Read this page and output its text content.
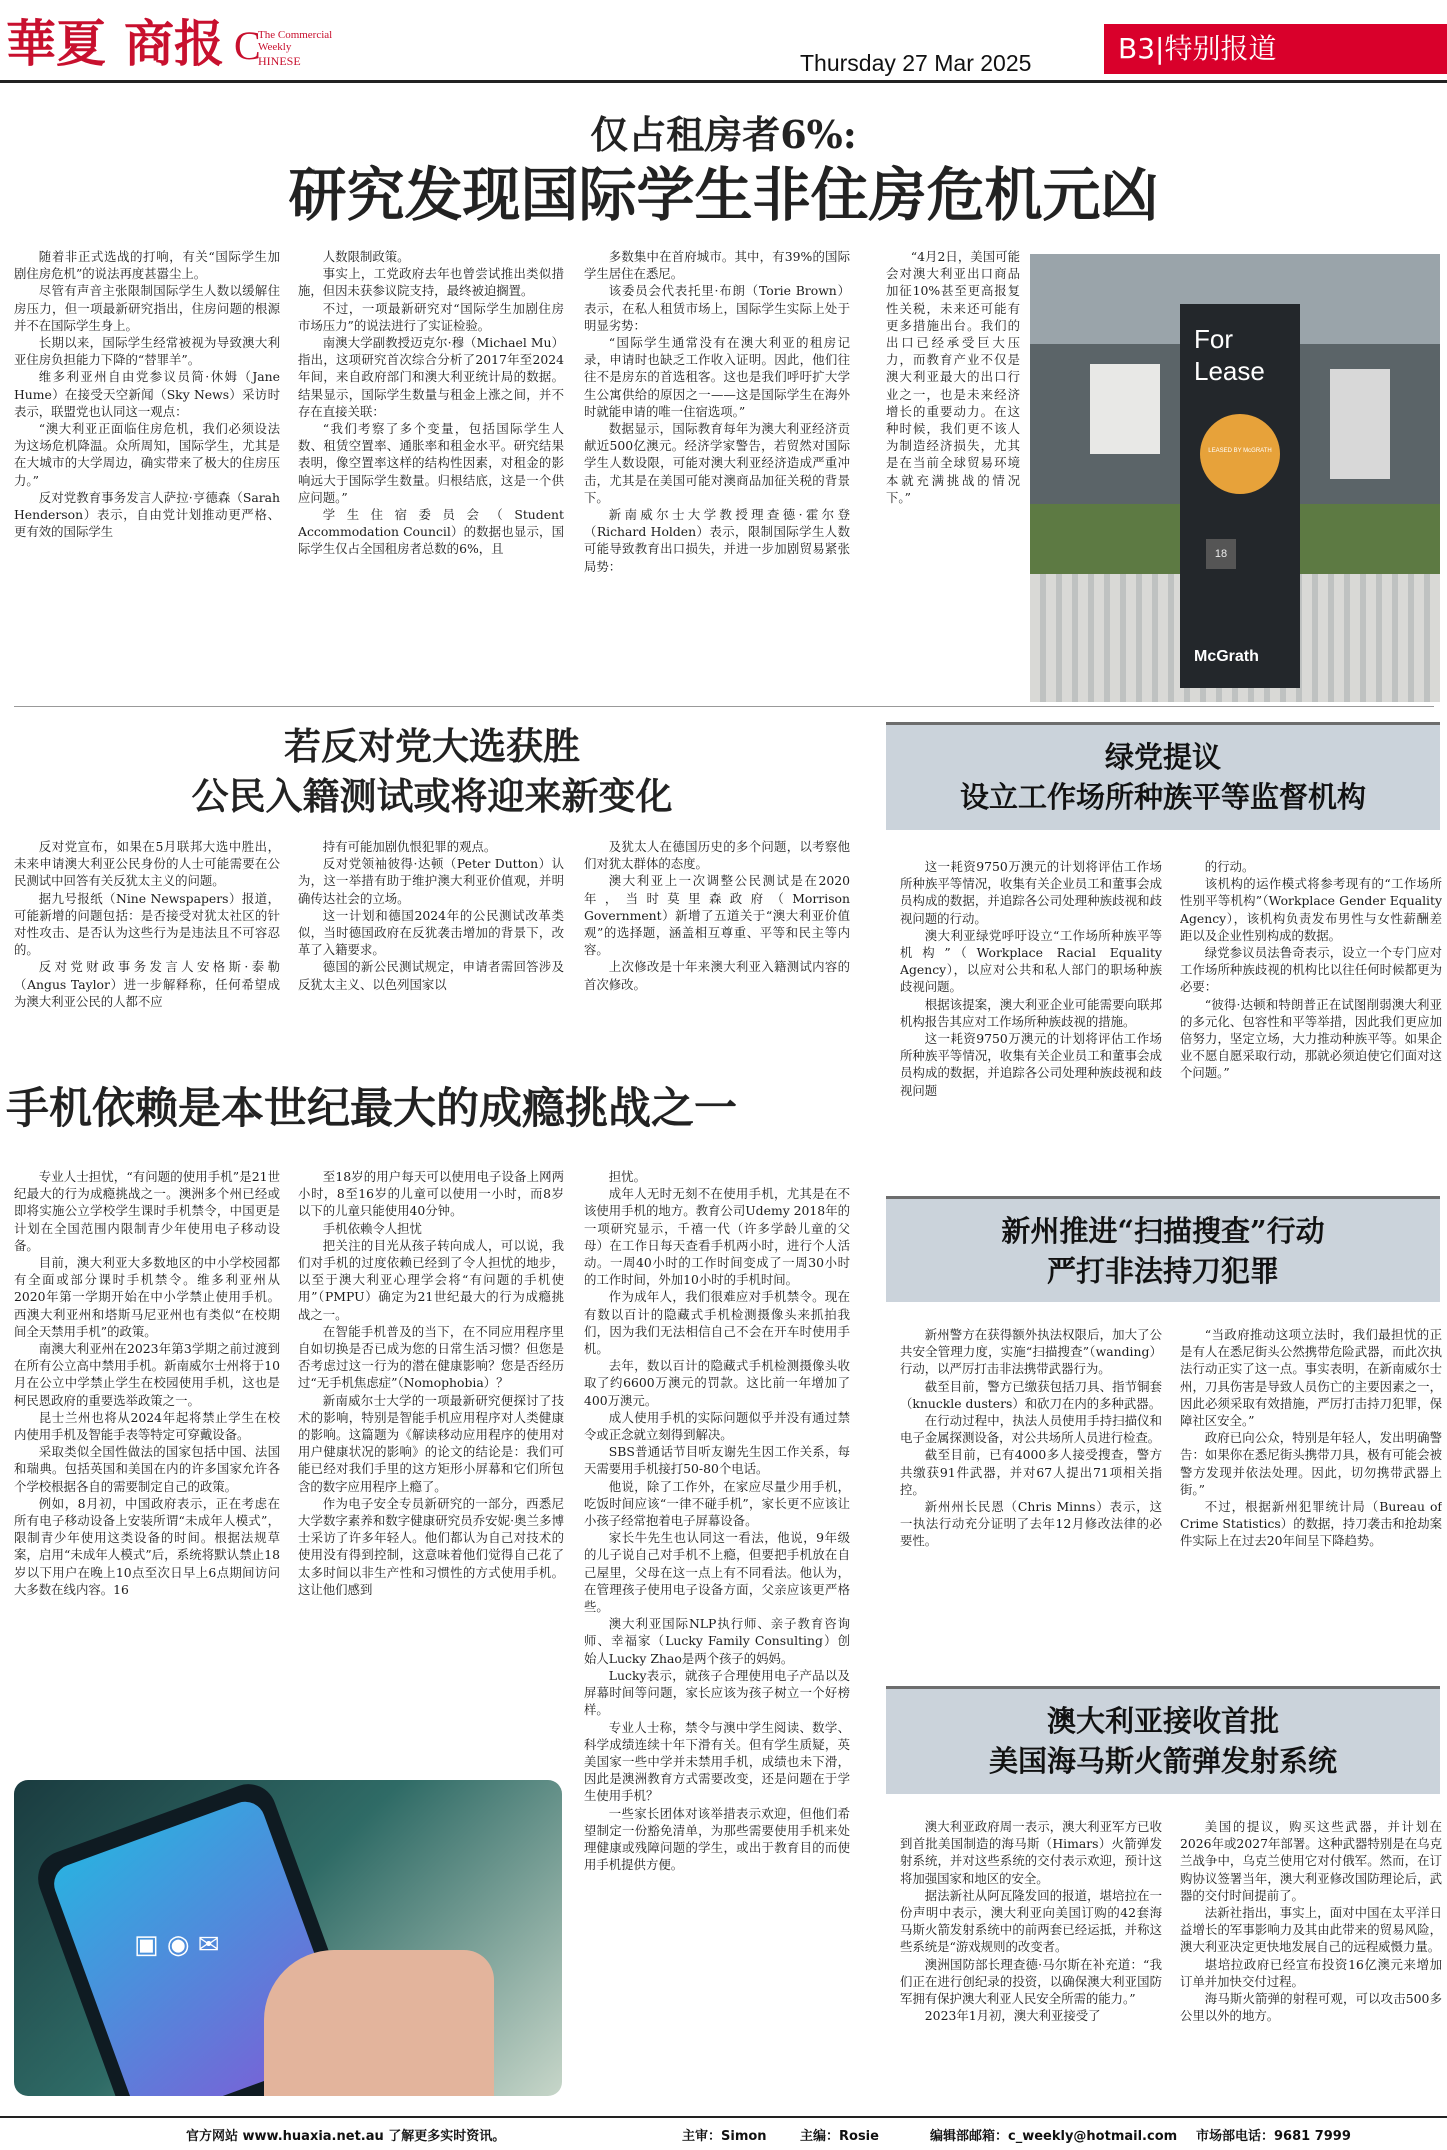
華夏 商报 C
The Commercial
Weekly
HINESE	Thursday 27 Mar 2025	B3|特别报道
仅占租房者6%:
研究发现国际学生非住房危机元凶

随着非正式选战的打响，有关“国际学生加剧住房危机”的说法再度甚嚣尘上。

尽管有声音主张限制国际学生人数以缓解住房压力，但一项最新研究指出，住房问题的根源并不在国际学生身上。

长期以来，国际学生经常被视为导致澳大利亚住房负担能力下降的“替罪羊”。

维多利亚州自由党参议员简·休姆（Jane Hume）在接受天空新闻（Sky News）采访时表示，联盟党也认同这一观点：

“澳大利亚正面临住房危机，我们必须设法为这场危机降温。众所周知，国际学生，尤其是在大城市的大学周边，确实带来了极大的住房压力。”

反对党教育事务发言人萨拉·亨德森（Sarah Henderson）表示，自由党计划推动更严格、更有效的国际学生

人数限制政策。

事实上，工党政府去年也曾尝试推出类似措施，但因未获参议院支持，最终被迫搁置。

不过，一项最新研究对“国际学生加剧住房市场压力”的说法进行了实证检验。

南澳大学副教授迈克尔·穆（Michael Mu）指出，这项研究首次综合分析了2017年至2024年间，来自政府部门和澳大利亚统计局的数据。结果显示，国际学生数量与租金上涨之间，并不存在直接关联：

“我们考察了多个变量，包括国际学生人数、租赁空置率、通胀率和租金水平。研究结果表明，像空置率这样的结构性因素，对租金的影响远大于国际学生数量。归根结底，这是一个供应问题。”

学生住宿委员会（Student Accommodation Council）的数据也显示，国际学生仅占全国租房者总数的6%，且

多数集中在首府城市。其中，有39%的国际学生居住在悉尼。

该委员会代表托里·布朗（Torie Brown）表示，在私人租赁市场上，国际学生实际上处于明显劣势：

“国际学生通常没有在澳大利亚的租房记录，申请时也缺乏工作收入证明。因此，他们往往不是房东的首选租客。这也是我们呼吁扩大学生公寓供给的原因之一——这是国际学生在海外时就能申请的唯一住宿选项。”

数据显示，国际教育每年为澳大利亚经济贡献近500亿澳元。经济学家警告，若贸然对国际学生人数设限，可能对澳大利亚经济造成严重冲击，尤其是在美国可能对澳商品加征关税的背景下。

新南威尔士大学教授理查德·霍尔登（Richard Holden）表示，限制国际学生人数可能导致教育出口损失，并进一步加剧贸易紧张局势：

“4月2日，美国可能会对澳大利亚出口商品加征10%甚至更高报复性关税，未来还可能有更多措施出台。我们的出口已经承受巨大压力，而教育产业不仅是澳大利亚最大的出口行业之一，也是未来经济增长的重要动力。在这种时候，我们更不该人为制造经济损失，尤其是在当前全球贸易环境本就充满挑战的情况下。”

For
Lease
LEASED BY McGRATH
18
McGrath
若反对党大选获胜
公民入籍测试或将迎来新变化

反对党宣布，如果在5月联邦大选中胜出，未来申请澳大利亚公民身份的人士可能需要在公民测试中回答有关反犹太主义的问题。

据九号报纸（Nine Newspapers）报道，可能新增的问题包括：是否接受对犹太社区的针对性攻击、是否认为这些行为是违法且不可容忍的。

反对党财政事务发言人安格斯·泰勒（Angus Taylor）进一步解释称，任何希望成为澳大利亚公民的人都不应

持有可能加剧仇恨犯罪的观点。

反对党领袖彼得·达顿（Peter Dutton）认为，这一举措有助于维护澳大利亚价值观，并明确传达社会的立场。

这一计划和德国2024年的公民测试改革类似，当时德国政府在反犹袭击增加的背景下，改革了入籍要求。

德国的新公民测试规定，申请者需回答涉及反犹太主义、以色列国家以

及犹太人在德国历史的多个问题，以考察他们对犹太群体的态度。

澳大利亚上一次调整公民测试是在2020年，当时莫里森政府（Morrison Government）新增了五道关于“澳大利亚价值观”的选择题，涵盖相互尊重、平等和民主等内容。

上次修改是十年来澳大利亚入籍测试内容的首次修改。

绿党提议
设立工作场所种族平等监督机构

这一耗资9750万澳元的计划将评估工作场所种族平等情况，收集有关企业员工和董事会成员构成的数据，并追踪各公司处理种族歧视和歧视问题的行动。

澳大利亚绿党呼吁设立“工作场所种族平等机构”（Workplace Racial Equality Agency），以应对公共和私人部门的职场种族歧视问题。

根据该提案，澳大利亚企业可能需要向联邦机构报告其应对工作场所种族歧视的措施。

这一耗资9750万澳元的计划将评估工作场所种族平等情况，收集有关企业员工和董事会成员构成的数据，并追踪各公司处理种族歧视和歧视问题

的行动。

该机构的运作模式将参考现有的“工作场所性别平等机构”（Workplace Gender Equality Agency），该机构负责发布男性与女性薪酬差距以及企业性别构成的数据。

绿党参议员法鲁奇表示，设立一个专门应对工作场所种族歧视的机构比以往任何时候都更为必要：

“彼得·达顿和特朗普正在试图削弱澳大利亚的多元化、包容性和平等举措，因此我们更应加倍努力，坚定立场，大力推动种族平等。如果企业不愿自愿采取行动，那就必须迫使它们面对这个问题。”

手机依赖是本世纪最大的成瘾挑战之一

专业人士担忧，“有问题的使用手机”是21世纪最大的行为成瘾挑战之一。澳洲多个州已经或即将实施公立学校学生课时手机禁令，中国更是计划在全国范围内限制青少年使用电子移动设备。

目前，澳大利亚大多数地区的中小学校园都有全面或部分课时手机禁令。维多利亚州从2020年第一学期开始在中小学禁止使用手机。西澳大利亚州和塔斯马尼亚州也有类似“在校期间全天禁用手机”的政策。

南澳大利亚州在2023年第3学期之前过渡到在所有公立高中禁用手机。新南威尔士州将于10月在公立中学禁止学生在校园使用手机，这也是柯民恩政府的重要选举政策之一。

昆士兰州也将从2024年起将禁止学生在校内使用手机及智能手表等特定可穿戴设备。

采取类似全国性做法的国家包括中国、法国和瑞典。包括英国和美国在内的许多国家允许各个学校根据各自的需要制定自己的政策。

例如，8月初，中国政府表示，正在考虑在所有电子移动设备上安装所谓“未成年人模式”，限制青少年使用这类设备的时间。根据法规草案，启用“未成年人模式”后，系统将默认禁止18岁以下用户在晚上10点至次日早上6点期间访问大多数在线内容。16

至18岁的用户每天可以使用电子设备上网两小时，8至16岁的儿童可以使用一小时，而8岁以下的儿童只能使用40分钟。

手机依赖令人担忧

把关注的目光从孩子转向成人，可以说，我们对手机的过度依赖已经到了令人担忧的地步，以至于澳大利亚心理学会将“有问题的手机使用”（PMPU）确定为21世纪最大的行为成瘾挑战之一。

在智能手机普及的当下，在不同应用程序里自如切换是否已成为您的日常生活习惯？但您是否考虑过这一行为的潜在健康影响？您是否经历过“无手机焦虑症”（Nomophobia）？

新南威尔士大学的一项最新研究便探讨了技术的影响，特别是智能手机应用程序对人类健康的影响。这篇题为《解读移动应用程序的使用对用户健康状况的影响》的论文的结论是：我们可能已经对我们手里的这方矩形小屏幕和它们所包含的数字应用程序上瘾了。

作为电子安全专员新研究的一部分，西悉尼大学数字素养和数字健康研究员乔安妮·奥兰多博士采访了许多年轻人。他们都认为自己对技术的使用没有得到控制，这意味着他们觉得自己花了太多时间以非生产性和习惯性的方式使用手机。这让他们感到

担忧。

成年人无时无刻不在使用手机，尤其是在不该使用手机的地方。教育公司Udemy 2018年的一项研究显示，千禧一代（许多学龄儿童的父母）在工作日每天查看手机两小时，进行个人活动。一周40小时的工作时间变成了一周30小时的工作时间，外加10小时的手机时间。

作为成年人，我们很难应对手机禁令。现在有数以百计的隐藏式手机检测摄像头来抓拍我们，因为我们无法相信自己不会在开车时使用手机。

去年，数以百计的隐藏式手机检测摄像头收取了约6600万澳元的罚款。这比前一年增加了400万澳元。

成人使用手机的实际问题似乎并没有通过禁令或正念就立刻得到解决。

SBS普通话节目听友谢先生因工作关系，每天需要用手机接打50-80个电话。

他说，除了工作外，在家应尽量少用手机，吃饭时间应该“一律不碰手机”，家长更不应该让小孩子经常抱着电子屏幕设备。

家长牛先生也认同这一看法，他说，9年级的儿子说自己对手机不上瘾，但要把手机放在自己屋里，父母在这一点上有不同看法。他认为，在管理孩子使用电子设备方面，父亲应该更严格些。

澳大利亚国际NLP执行师、亲子教育咨询师、幸福家（Lucky Family Consulting）创始人Lucky Zhao是两个孩子的妈妈。

Lucky表示，就孩子合理使用电子产品以及屏幕时间等问题，家长应该为孩子树立一个好榜样。

专业人士称，禁令与澳中学生阅读、数学、科学成绩连续十年下滑有关。但有学生质疑，英美国家一些中学并未禁用手机，成绩也未下滑，因此是澳洲教育方式需要改变，还是问题在于学生使用手机？

一些家长团体对该举措表示欢迎，但他们希望制定一份豁免清单，为那些需要使用手机来处理健康或残障问题的学生，或出于教育目的而使用手机提供方便。

▣ ◉ ✉
新州推进“扫描搜查”行动
严打非法持刀犯罪

新州警方在获得额外执法权限后，加大了公共安全管理力度，实施“扫描搜查”（wanding）行动，以严厉打击非法携带武器行为。

截至目前，警方已缴获包括刀具、指节铜套（knuckle dusters）和砍刀在内的多种武器。

在行动过程中，执法人员使用手持扫描仪和电子金属探测设备，对公共场所人员进行检查。

截至目前，已有4000多人接受搜查，警方共缴获91件武器，并对67人提出71项相关指控。

新州州长民恩（Chris Minns）表示，这一执法行动充分证明了去年12月修改法律的必要性。

“当政府推动这项立法时，我们最担忧的正是有人在悉尼街头公然携带危险武器，而此次执法行动正实了这一点。事实表明，在新南威尔士州，刀具伤害是导致人员伤亡的主要因素之一，因此必须采取有效措施，严厉打击持刀犯罪，保障社区安全。”

政府已向公众，特别是年轻人，发出明确警告：如果你在悉尼街头携带刀具，极有可能会被警方发现并依法处理。因此，切勿携带武器上街。”

不过，根据新州犯罪统计局（Bureau of Crime Statistics）的数据，持刀袭击和抢劫案件实际上在过去20年间呈下降趋势。

澳大利亚接收首批
美国海马斯火箭弹发射系统

澳大利亚政府周一表示，澳大利亚军方已收到首批美国制造的海马斯（Himars）火箭弹发射系统，并对这些系统的交付表示欢迎，预计这将加强国家和地区的安全。

据法新社从阿瓦隆发回的报道，堪培拉在一份声明中表示，澳大利亚向美国订购的42套海马斯火箭发射系统中的前两套已经运抵，并称这些系统是“游戏规则的改变者。

澳洲国防部长理查德·马尔斯在补充道：“我们正在进行创纪录的投资，以确保澳大利亚国防军拥有保护澳大利亚人民安全所需的能力。”

2023年1月初，澳大利亚接受了

美国的提议，购买这些武器，并计划在2026年或2027年部署。这种武器特别是在乌克兰战争中，乌克兰使用它对付俄军。然而，在订购协议签署当年，澳大利亚修改国防理论后，武器的交付时间提前了。

法新社指出，事实上，面对中国在太平洋日益增长的军事影响力及其由此带来的贸易风险，澳大利亚决定更快地发展自己的远程威慑力量。

堪培拉政府已经宣布投资16亿澳元来增加订单并加快交付过程。

海马斯火箭弹的射程可观，可以攻击500多公里以外的地方。

官方网站 www.huaxia.net.au 了解更多实时资讯。	主审：Simon	主编：Rosie	编辑部邮箱：c_weekly@hotmail.com 市场部电话：9681 7999
